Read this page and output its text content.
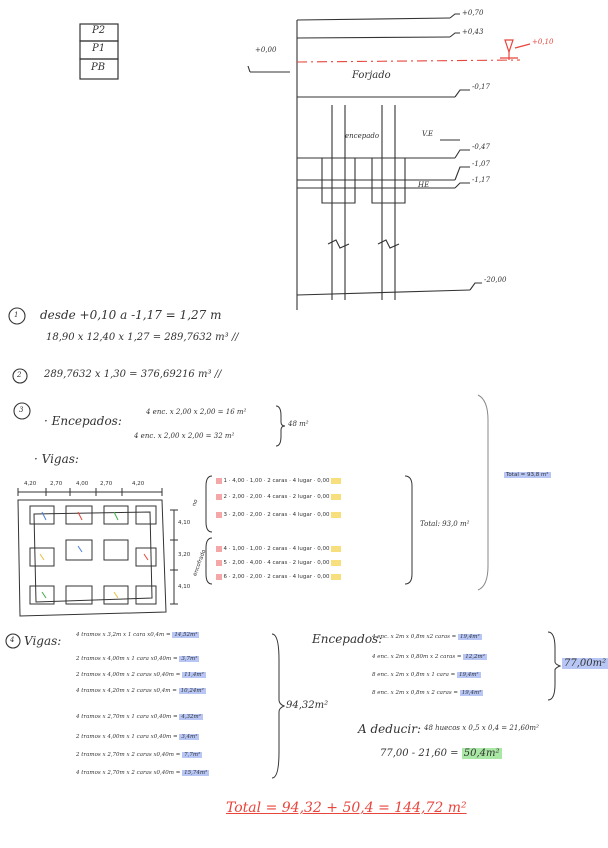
P2
P1
PB
+0,70
+0,43
-0,17
-0,47
-1,07
-1,17
-20,00
+0,00
+0,10
Forjado
encepado	V.E
HE
1 desde +0,10 a -1,17 = 1,27 m
18,90 x 12,40 x 1,27 = 289,7632 m³ //
2 289,7632 x 1,30 = 376,69216 m³ //
3
· Encepados:
4 enc. x 2,00 x 2,00 = 16 m²
4 enc. x 2,00 x 2,00 = 32 m²
48 m²
· Vigas:
4,20	2,70	4,00 2,70	4,20
4,10
3,20
4,10
no
encofrado
1 · 4,00 · 1,00 · 2 caras · 4 lugar · 0,00
2 · 2,00 · 2,00 · 4 caras · 2 lugar · 0,00
3 · 2,00 · 2,00 · 2 caras · 4 lugar · 0,00
4 · 1,00 · 1,00 · 2 caras · 4 lugar · 0,00
5 · 2,00 · 4,00 · 4 caras · 2 lugar · 0,00
6 · 2,00 · 2,00 · 2 caras · 4 lugar · 0,00
Total: 93,0 m²
Total = 93,8 m²
4 Vigas:	4 tramos x 3,2m x 1 cara x0,4m = 14,52m²
2 tramos x 4,00m x 1 cara x0,40m = 3,7m²
2 tramos x 4,00m x 2 caras x0,40m = 11,4m²
4 tramos x 4,20m x 2 caras x0,4m = 10,24m²
4 tramos x 2,70m x 1 cara x0,40m = 4,32m²
2 tramos x 4,00m x 1 cara x0,40m = 3,4m²
2 tramos x 2,70m x 2 caras x0,40m = 7,7m²
4 tramos x 2,70m x 2 caras x0,40m = 15,74m²
94,32m²
Encepados:
4 enc. x 2m x 0,8m x2 caras = 19,4m²
4 enc. x 2m x 0,80m x 2 caras = 12,2m²
8 enc. x 2m x 0,8m x 1 cara = 19,4m²
8 enc. x 2m x 0,8m x 2 caras = 19,4m²
77,00m²
A deducir: 48 huecos x 0,5 x 0,4 = 21,60m²
77,00 - 21,60 = 50,4m²
Total = 94,32 + 50,4 = 144,72 m²
